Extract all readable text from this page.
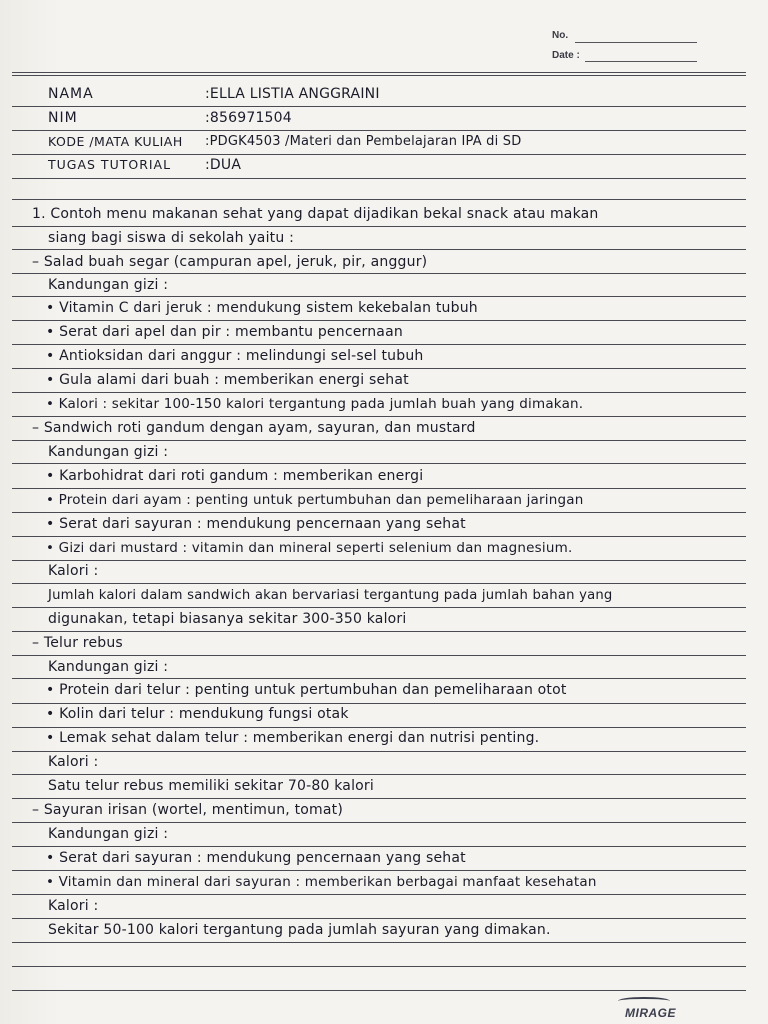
No.
Date :
NAMA	:ELLA LISTIA ANGGRAINI
NIM	:856971504
KODE /MATA KULIAH :PDGK4503 /Materi dan Pembelajaran IPA di SD
TUGAS TUTORIAL :DUA
1. Contoh menu makanan sehat yang dapat dijadikan bekal snack atau makan
siang bagi siswa di sekolah yaitu :
– Salad buah segar (campuran apel, jeruk, pir, anggur)
Kandungan gizi :
• Vitamin C dari jeruk : mendukung sistem kekebalan tubuh
• Serat dari apel dan pir : membantu pencernaan
• Antioksidan dari anggur : melindungi sel-sel tubuh
• Gula alami dari buah : memberikan energi sehat
• Kalori : sekitar 100-150 kalori tergantung pada jumlah buah yang dimakan.
– Sandwich roti gandum dengan ayam, sayuran, dan mustard
Kandungan gizi :
• Karbohidrat dari roti gandum : memberikan energi
• Protein dari ayam : penting untuk pertumbuhan dan pemeliharaan jaringan
• Serat dari sayuran : mendukung pencernaan yang sehat
• Gizi dari mustard : vitamin dan mineral seperti selenium dan magnesium.
Kalori :
Jumlah kalori dalam sandwich akan bervariasi tergantung pada jumlah bahan yang
digunakan, tetapi biasanya sekitar 300-350 kalori
– Telur rebus
Kandungan gizi :
• Protein dari telur : penting untuk pertumbuhan dan pemeliharaan otot
• Kolin dari telur : mendukung fungsi otak
• Lemak sehat dalam telur : memberikan energi dan nutrisi penting.
Kalori :
Satu telur rebus memiliki sekitar 70-80 kalori
– Sayuran irisan (wortel, mentimun, tomat)
Kandungan gizi :
• Serat dari sayuran : mendukung pencernaan yang sehat
• Vitamin dan mineral dari sayuran : memberikan berbagai manfaat kesehatan
Kalori :
Sekitar 50-100 kalori tergantung pada jumlah sayuran yang dimakan.
MIRAGE
